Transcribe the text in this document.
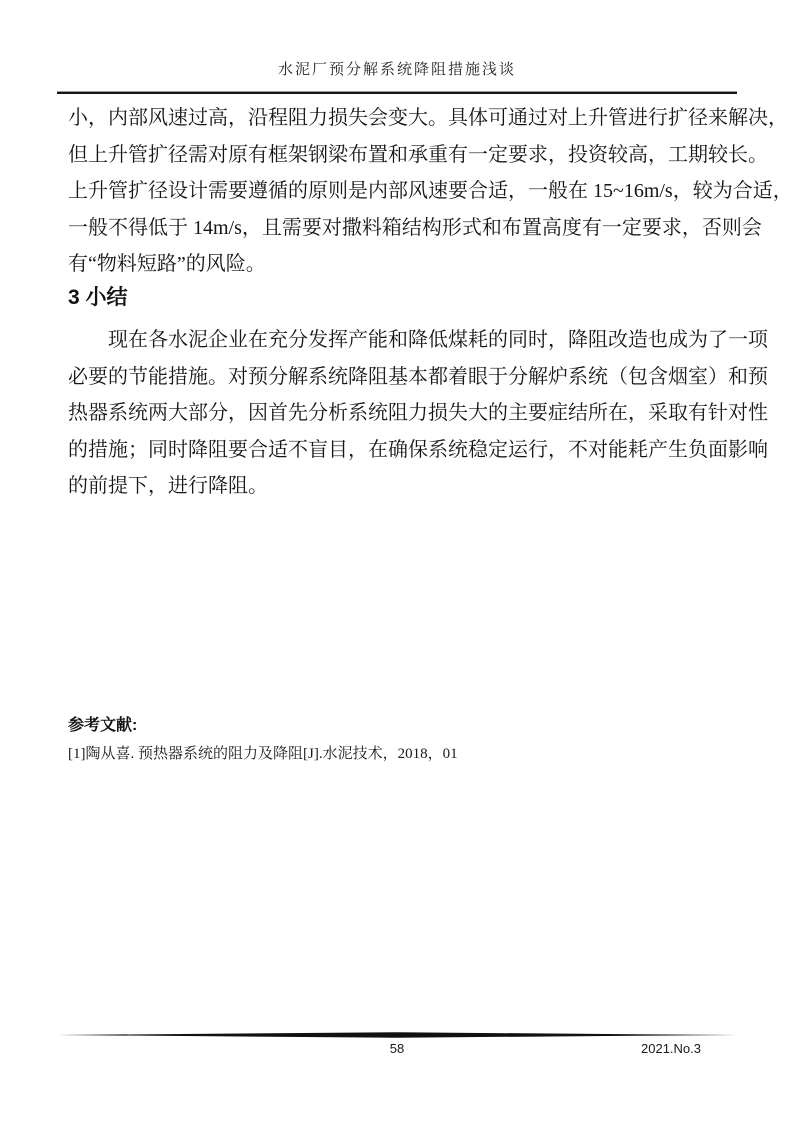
水泥厂预分解系统降阻措施浅谈
小，内部风速过高，沿程阻力损失会变大。具体可通过对上升管进行扩径来解决，
但上升管扩径需对原有框架钢梁布置和承重有一定要求，投资较高，工期较长。
上升管扩径设计需要遵循的原则是内部风速要合适，一般在 15~16m/s，较为合适，
一般不得低于 14m/s，且需要对撒料箱结构形式和布置高度有一定要求，否则会
有“物料短路”的风险。
3 小结
现在各水泥企业在充分发挥产能和降低煤耗的同时，降阻改造也成为了一项
必要的节能措施。对预分解系统降阻基本都着眼于分解炉系统（包含烟室）和预
热器系统两大部分，因首先分析系统阻力损失大的主要症结所在，采取有针对性
的措施；同时降阻要合适不盲目，在确保系统稳定运行，不对能耗产生负面影响
的前提下，进行降阻。
参考文献:
[1]陶从喜. 预热器系统的阻力及降阻[J].水泥技术，2018，01
58	2021.No.3
